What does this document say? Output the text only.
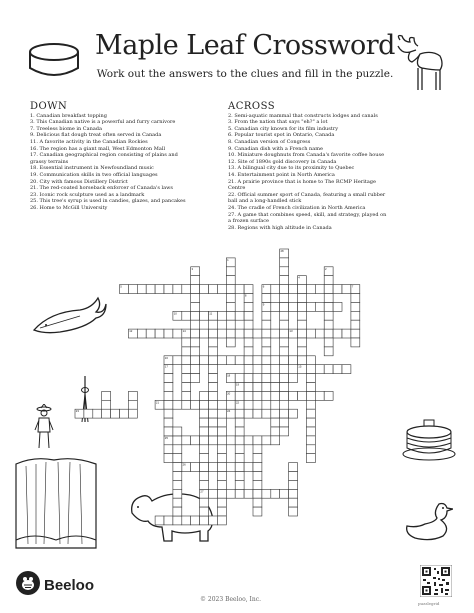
Maple Leaf Crossword
Work out the answers to the clues and fill in the puzzle.
DOWN
1. Canadian breakfast topping
3. This Canadian native is a powerful and furry carnivore
7. Treeless biome in Canada
9. Delicious flat dough treat often served in Canada
11. A favorite activity in the Canadian Rockies
16. The region has a giant mall, West Edmonton Mall
17. Canadian geographical region consisting of plains and grassy terrains
18. Essential instrument in Newfoundland music
19. Communication skills in two official languages
20. City with famous Distillery District
21. The red-coated horseback enforcer of Canada's laws
23. Iconic rock sculpture used as a landmark
25. This tree's syrup is used in candies, glazes, and pancakes
26. Home to McGill University
ACROSS
2. Semi-aquatic mammal that constructs lodges and canals
3. From the nation that says "eh?" a lot
5. Canadian city known for its film industry
6. Popular tourist spot in Ontario, Canada
8. Canadian version of Congress
9. Canadian dish with a French name
10. Miniature doughnuts from Canada's favorite coffee house
12. Site of 1890s gold discovery in Canada
13. A bilingual city due to its proximity to Quebec
14. Entertainment point in North America
21. A prairie province that is home to The RCMP Heritage Centre
22. Official summer sport of Canada, featuring a small rubber ball and a long-handled stick
24. The cradle of French civilization in North America
27. A game that combines speed, skill, and strategy, played on a frozen surface
28. Regions with high altitude in Canada
28
1
2
3
4
5	6	7
8
9
10	11
12	13
14
15
16
17
18
19
20
21	22
23	24
25
26
27
Beeloo
© 2023 Beeloo, Inc.
puzzlegrid
